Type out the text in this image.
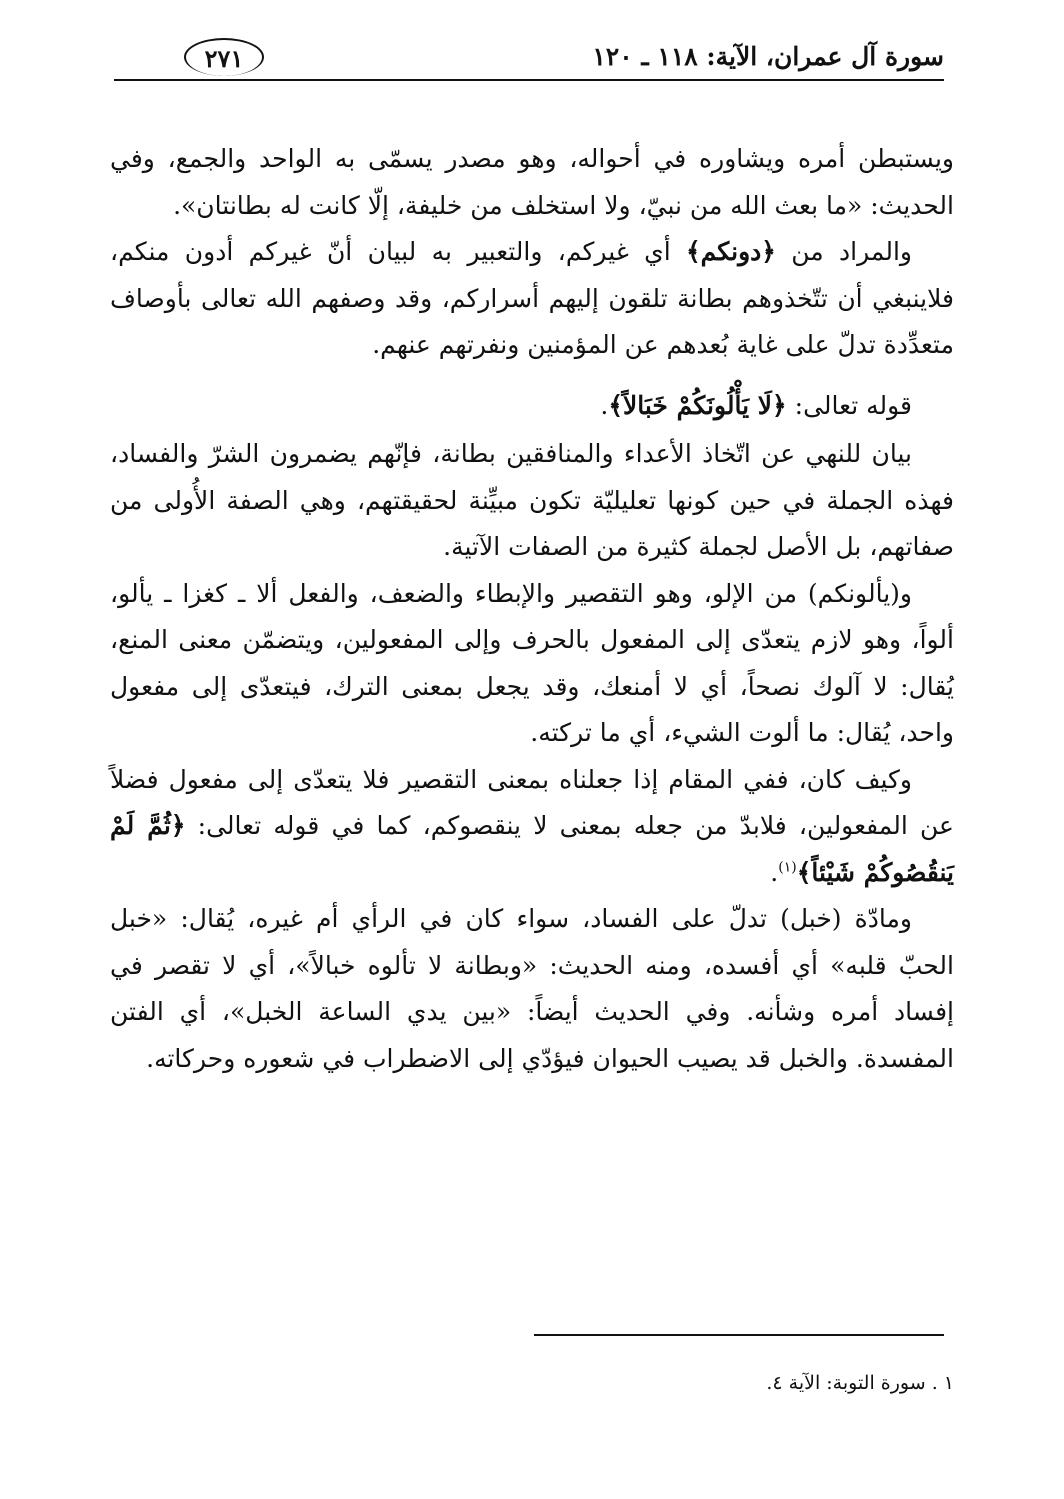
سورة آل عمران، الآية: ١١٨ ـ ١٢٠
٢٧١

ويستبطن أمره ويشاوره في أحواله، وهو مصدر يسمّى به الواحد والجمع، وفي الحديث: «ما بعث الله من نبيّ، ولا استخلف من خليفة، إلّا كانت له بطانتان».

والمراد من ﴿دونكم﴾ أي غيركم، والتعبير به لبيان أنّ غيركم أدون منكم، فلاينبغي أن تتّخذوهم بطانة تلقون إليهم أسراركم، وقد وصفهم الله تعالى بأوصاف متعدِّدة تدلّ على غاية بُعدهم عن المؤمنين ونفرتهم عنهم.

قوله تعالى: ﴿لَا يَأْلُونَكُمْ خَبَالاً﴾.

بيان للنهي عن اتّخاذ الأعداء والمنافقين بطانة، فإنّهم يضمرون الشرّ والفساد، فهذه الجملة في حين كونها تعليليّة تكون مبيِّنة لحقيقتهم، وهي الصفة الأُولى من صفاتهم، بل الأصل لجملة كثيرة من الصفات الآتية.

و(يألونكم) من الإلو، وهو التقصير والإبطاء والضعف، والفعل ألا ـ كغزا ـ يألو، ألواً، وهو لازم يتعدّى إلى المفعول بالحرف وإلى المفعولين، ويتضمّن معنى المنع، يُقال: لا آلوك نصحاً، أي لا أمنعك، وقد يجعل بمعنى الترك، فيتعدّى إلى مفعول واحد، يُقال: ما ألوت الشيء، أي ما تركته.

وكيف كان، ففي المقام إذا جعلناه بمعنى التقصير فلا يتعدّى إلى مفعول فضلاً عن المفعولين، فلابدّ من جعله بمعنى لا ينقصوكم، كما في قوله تعالى: ﴿ثُمَّ لَمْ يَنقُصُوكُمْ شَيْئاً﴾$^{(١)}$.

ومادّة (خبل) تدلّ على الفساد، سواء كان في الرأي أم غيره، يُقال: «خبل الحبّ قلبه» أي أفسده، ومنه الحديث: «وبطانة لا تألوه خبالاً»، أي لا تقصر في إفساد أمره وشأنه. وفي الحديث أيضاً: «بين يدي الساعة الخبل»، أي الفتن المفسدة. والخبل قد يصيب الحيوان فيؤدّي إلى الاضطراب في شعوره وحركاته.

١ . سورة التوبة: الآية ٤.
